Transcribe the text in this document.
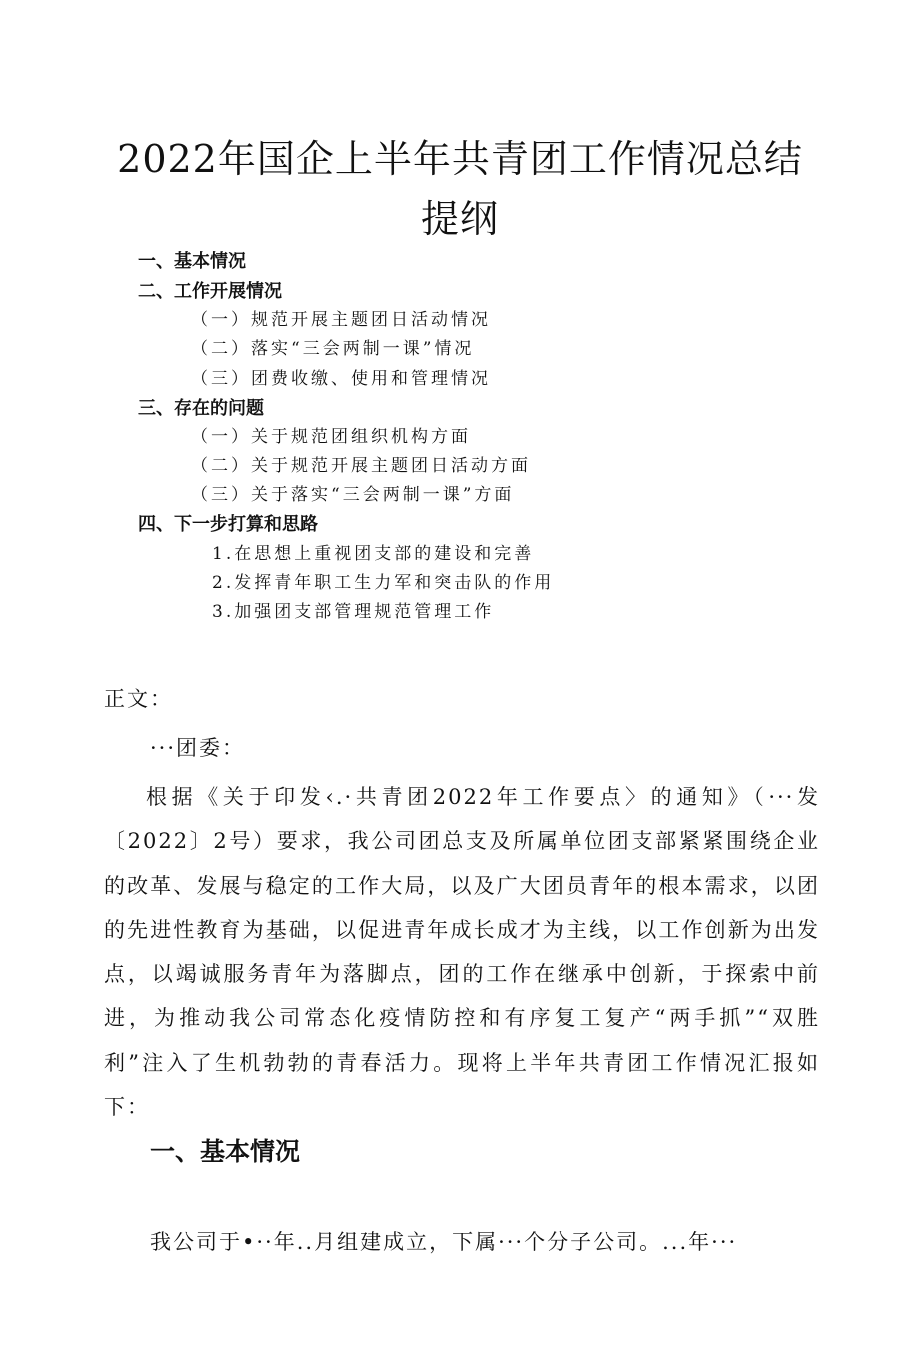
2022年国企上半年共青团工作情况总结
提纲
一、基本情况
二、工作开展情况
（一）规范开展主题团日活动情况
（二）落实“三会两制一课”情况
（三）团费收缴、使用和管理情况
三、存在的问题
（一）关于规范团组织机构方面
（二）关于规范开展主题团日活动方面
（三）关于落实“三会两制一课”方面
四、下一步打算和思路
1.在思想上重视团支部的建设和完善
2.发挥青年职工生力军和突击队的作用
3.加强团支部管理规范管理工作
正文：
···团委：
根据《关于印发‹.·共青团2022年工作要点〉的通知》（···发〔2022〕2号）要求，我公司团总支及所属单位团支部紧紧围绕企业的改革、发展与稳定的工作大局，以及广大团员青年的根本需求，以团的先进性教育为基础，以促进青年成长成才为主线，以工作创新为出发点，以竭诚服务青年为落脚点，团的工作在继承中创新，于探索中前进，为推动我公司常态化疫情防控和有序复工复产“两手抓”“双胜利”注入了生机勃勃的青春活力。现将上半年共青团工作情况汇报如下：
一、基本情况
我公司于•··年..月组建成立，下属···个分子公司。...年···
